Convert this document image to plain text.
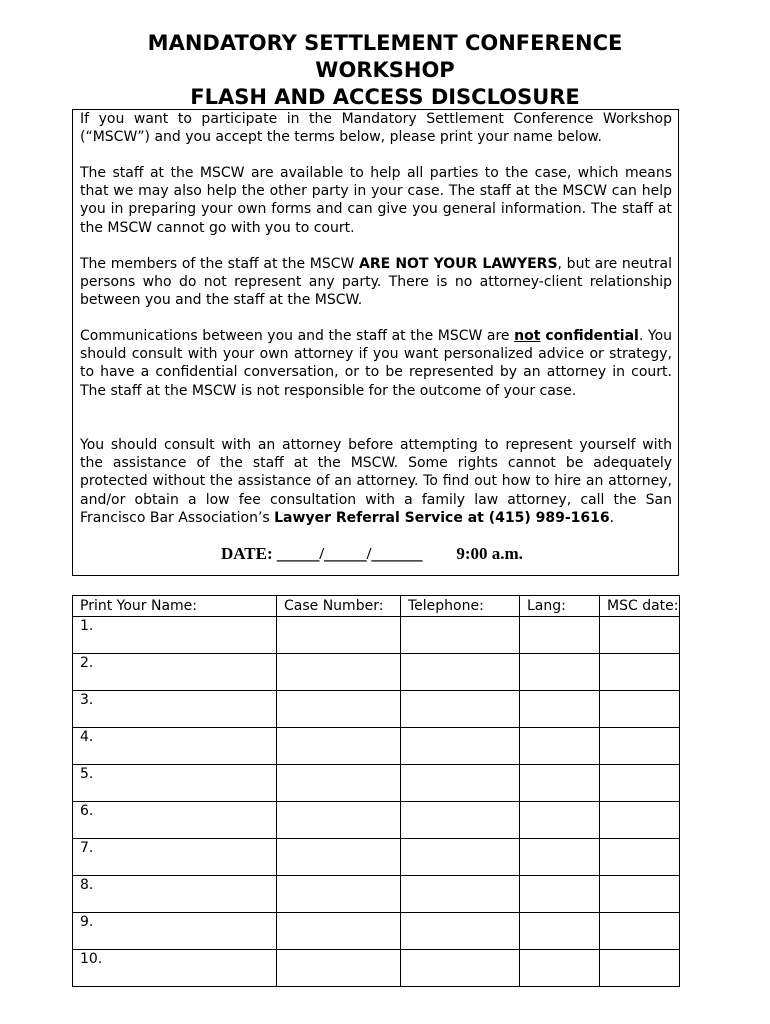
MANDATORY SETTLEMENT CONFERENCE
WORKSHOP
FLASH AND ACCESS DISCLOSURE

If you want to participate in the Mandatory Settlement Conference Workshop (“MSCW”) and you accept the terms below, please print your name below.

The staff at the MSCW are available to help all parties to the case, which means that we may also help the other party in your case. The staff at the MSCW can help you in preparing your own forms and can give you general information. The staff at the MSCW cannot go with you to court.

The members of the staff at the MSCW ARE NOT YOUR LAWYERS, but are neutral persons who do not represent any party. There is no attorney-client relationship between you and the staff at the MSCW.

Communications between you and the staff at the MSCW are not confidential. You should consult with your own attorney if you want personalized advice or strategy, to have a confidential conversation, or to be represented by an attorney in court. The staff at the MSCW is not responsible for the outcome of your case.

You should consult with an attorney before attempting to represent yourself with the assistance of the staff at the MSCW. Some rights cannot be adequately protected without the assistance of an attorney. To find out how to hire an attorney, and/or obtain a low fee consultation with a family law attorney, call the San Francisco Bar Association’s Lawyer Referral Service at (415) 989-1616.

DATE: _____/_____/______ 9:00 a.m.
Print Your Name:	Case Number:	Telephone:	Lang:	MSC date:
1.				
2.				
3.				
4.				
5.				
6.				
7.				
8.				
9.				
10.				
